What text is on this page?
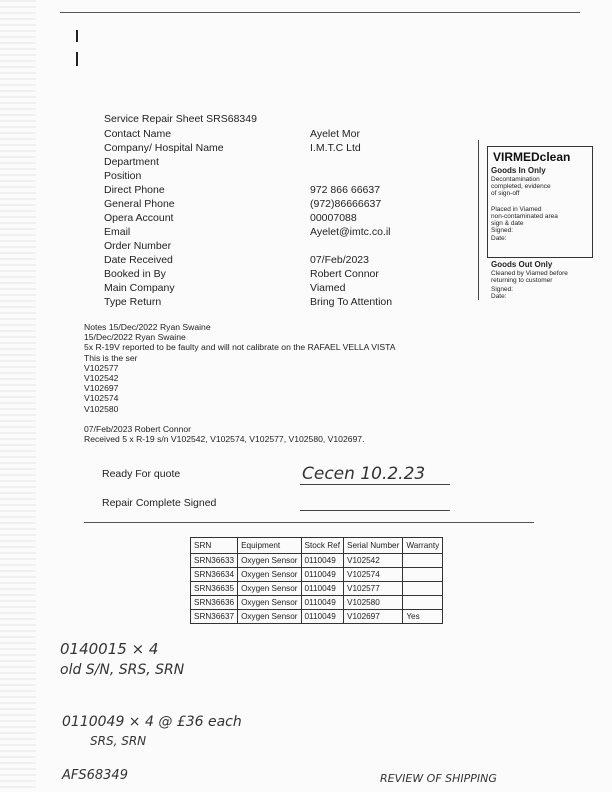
Service Repair Sheet SRS68349
Contact Name	Ayelet Mor
Company/ Hospital Name	I.M.T.C Ltd
Department
Position
Direct Phone	972 866 66637
General Phone	(972)86666637
Opera Account	00007088
Email	Ayelet@imtc.co.il
Order Number
Date Received	07/Feb/2023
Booked in By	Robert Connor
Main Company	Viamed
Type Return	Bring To Attention
VIRMEDclean
Goods In Only
Decontamination
completed, evidence
of sign-off
Placed in Viamed
non-contaminated area
sign & date
Signed:
Date:
Goods Out Only
Cleaned by Viamed before
returning to customer
Signed:
Date:
Notes 15/Dec/2022 Ryan Swaine
15/Dec/2022 Ryan Swaine
5x R-19V reported to be faulty and will not calibrate on the RAFAEL VELLA VISTA
This is the ser
V102577
V102542
V102697
V102574
V102580

07/Feb/2023 Robert Connor
Received 5 x R-19 s/n V102542, V102574, V102577, V102580, V102697.
Ready For quote	Cecen 10.2.23
Repair Complete Signed
SRN	Equipment	Stock Ref	Serial Number	Warranty
SRN36633	Oxygen Sensor	0110049	V102542	
SRN36634	Oxygen Sensor	0110049	V102574	
SRN36635	Oxygen Sensor	0110049	V102577	
SRN36636	Oxygen Sensor	0110049	V102580	
SRN36637	Oxygen Sensor	0110049	V102697	Yes
0140015 × 4
old S/N, SRS, SRN
0110049 × 4 @ £36 each
SRS, SRN
AFS68349	REVIEW OF SHIPPING
